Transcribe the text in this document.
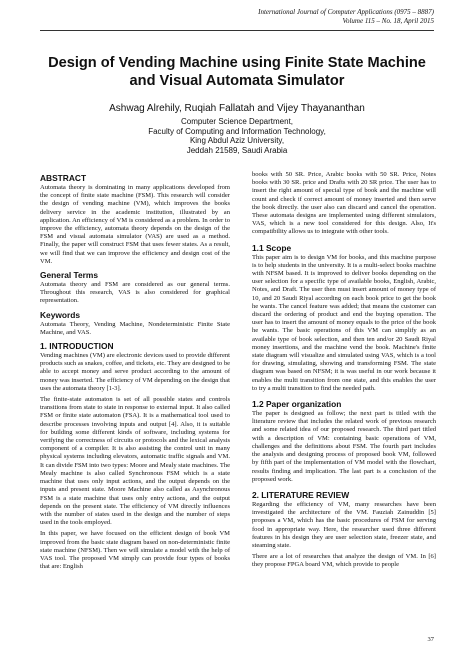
International Journal of Computer Applications (0975 – 8887)
Volume 115 – No. 18, April 2015
Design of Vending Machine using Finite State Machine
and Visual Automata Simulator
Ashwag Alrehily, Ruqiah Fallatah and Vijey Thayananthan
Computer Science Department,
Faculty of Computing and Information Technology,
King Abdul Aziz University,
Jeddah 21589, Saudi Arabia
ABSTRACT

Automata theory is dominating in many applications developed from the concept of finite state machine (FSM). This research will consider the design of vending machine (VM), which improves the books delivery service in the academic institution, illustrated by an application. An efficiency of VM is considered as a problem. In order to improve the efficiency, automata theory depends on the design of the FSM and visual automata simulator (VAS) are used as a method. Finally, the paper will construct FSM that uses fewer states. As a result, we will find that we can improve the efficiency and design cost of the VM.

General Terms

Automata theory and FSM are considered as our general terms. Throughout this research, VAS is also considered for graphical representation.

Keywords

Automata Theory, Vending Machine, Nondeterministic Finite State Machine, and VAS.

1. INTRODUCTION

Vending machines (VM) are electronic devices used to provide different products such as snakes, coffee, and tickets, etc. They are designed to be able to accept money and serve product according to the amount of money was inserted. The efficiency of VM depending on the design that uses the automata theory [1-3].

The finite-state automaton is set of all possible states and controls transitions from state to state in response to external input. It also called FSM or finite state automaton (FSA). It is a mathematical tool used to describe processes involving inputs and output [4]. Also, it is suitable for building some different kinds of software, including systems for verifying the correctness of circuits or protocols and the lexical analysis component of a compiler. It is also assisting the control unit in many physical systems including elevators, automatic traffic signals and VM. It can divide FSM into two types: Moore and Mealy state machines. The Mealy machine is also called Synchronous FSM which is a state machine that uses only input actions, and the output depends on the inputs and present state. Moore Machine also called as Asynchronous FSM is a state machine that uses only entry actions, and the output depends on the present state. The efficiency of VM directly influences with the number of states used in the design and the number of steps used in the tools employed.

In this paper, we have focused on the efficient design of book VM improved from the basic state diagram based on non-deterministic finite state machine (NFSM). Then we will simulate a model with the help of VAS tool. The proposed VM simply can provide four types of books that are: English

books with 50 SR. Price, Arabic books with 50 SR. Price, Notes books with 30 SR. price and Drafts with 20 SR price. The user has to insert the right amount of special type of book and the machine will count and check if correct amount of money inserted and then serve the book directly. the user also can discard and cancel the operation. These automata designs are implemented using different simulators, VAS, which is a new tool considered for this design. Also, It's compatibility allows us to integrate with other tools.

1.1 Scope

This paper aim is to design VM for books, and this machine purpose is to help students in the university. It is a multi-select books machine with NFSM based. It is improved to deliver books depending on the user selection for a specific type of available books, English, Arabic, Notes, and Draft. The user then must insert amount of money type of 10, and 20 Saudi Riyal according on each book price to get the book he wants. The cancel feature was added; that means the customer can discard the ordering of product and end the buying operation. The user has to insert the amount of money equals to the price of the book he wants. The basic operations of this VM can simplify as an available type of book selection, and then ten and/or 20 Saudi Riyal money insertions, and the machine vend the book. Machine's finite state diagram will visualize and simulated using VAS, which is a tool for drawing, simulating, showing and transforming FSM. The state diagram was based on NFSM; it is was useful in our work because it enables the multi transition from one state, and this enables the user to try a multi transition to find the needed path.

1.2 Paper organization

The paper is designed as follow; the next part is titled with the literature review that includes the related work of previous research and some related idea of our proposed research. The third part titled with a description of VM: containing basic operations of VM, challenges and the definitions about FSM. The fourth part includes the analysis and designing process of proposed book VM, followed by fifth part of the implementation of VM model with the flowchart, results finding and implication. The last part is a conclusion of the proposed work.

2. LITERATURE REVIEW

Regarding the efficiency of VM, many researches have been investigated the architecture of the VM. Fauziah Zainuddin [5] proposes a VM, which has the basic procedures of FSM for serving food in appropriate way. Here, the researcher used three different features in his design they are user selection state, freezer state, and steaming state.

There are a lot of researches that analyze the design of VM. In [6] they propose FPGA board VM, which provide to people

37
